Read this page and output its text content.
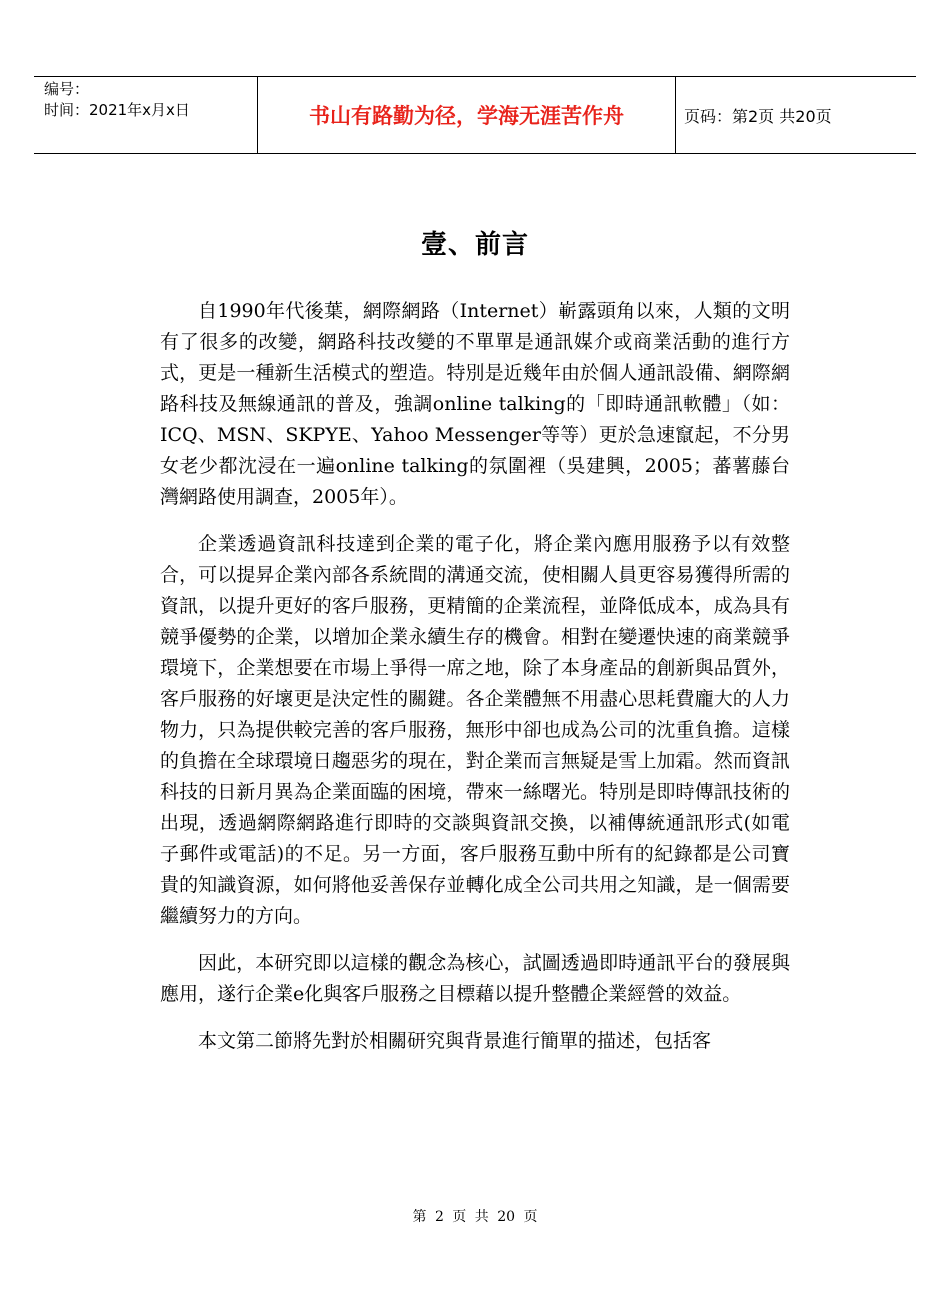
编号：
时间：2021年x月x日	书山有路勤为径，学海无涯苦作舟	页码：第2页 共20页
壹、前言

自1990年代後葉，網際網路（Internet）嶄露頭角以來，人類的文明有了很多的改變，網路科技改變的不單單是通訊媒介或商業活動的進行方式，更是一種新生活模式的塑造。特別是近幾年由於個人通訊設備、網際網路科技及無線通訊的普及，強調online talking的「即時通訊軟體」（如：ICQ、MSN、SKPYE、Yahoo Messenger等等）更於急速竄起，不分男女老少都沈浸在一遍online talking的氛圍裡（吳建興，2005；蕃薯藤台灣網路使用調查，2005年）。

企業透過資訊科技達到企業的電子化，將企業內應用服務予以有效整合，可以提昇企業內部各系統間的溝通交流，使相關人員更容易獲得所需的資訊，以提升更好的客戶服務，更精簡的企業流程，並降低成本，成為具有競爭優勢的企業，以增加企業永續生存的機會。相對在變遷快速的商業競爭環境下，企業想要在市場上爭得一席之地，除了本身產品的創新與品質外，客戶服務的好壞更是決定性的關鍵。各企業體無不用盡心思耗費龐大的人力物力，只為提供較完善的客戶服務，無形中卻也成為公司的沈重負擔。這樣的負擔在全球環境日趨惡劣的現在，對企業而言無疑是雪上加霜。然而資訊科技的日新月異為企業面臨的困境，帶來一絲曙光。特別是即時傳訊技術的出現，透過網際網路進行即時的交談與資訊交換，以補傳統通訊形式(如電子郵件或電話)的不足。另一方面，客戶服務互動中所有的紀錄都是公司寶貴的知識資源，如何將他妥善保存並轉化成全公司共用之知識，是一個需要繼續努力的方向。

因此，本研究即以這樣的觀念為核心，試圖透過即時通訊平台的發展與應用，遂行企業e化與客戶服務之目標藉以提升整體企業經營的效益。

本文第二節將先對於相關研究與背景進行簡單的描述，包括客

第 2 页 共 20 页
